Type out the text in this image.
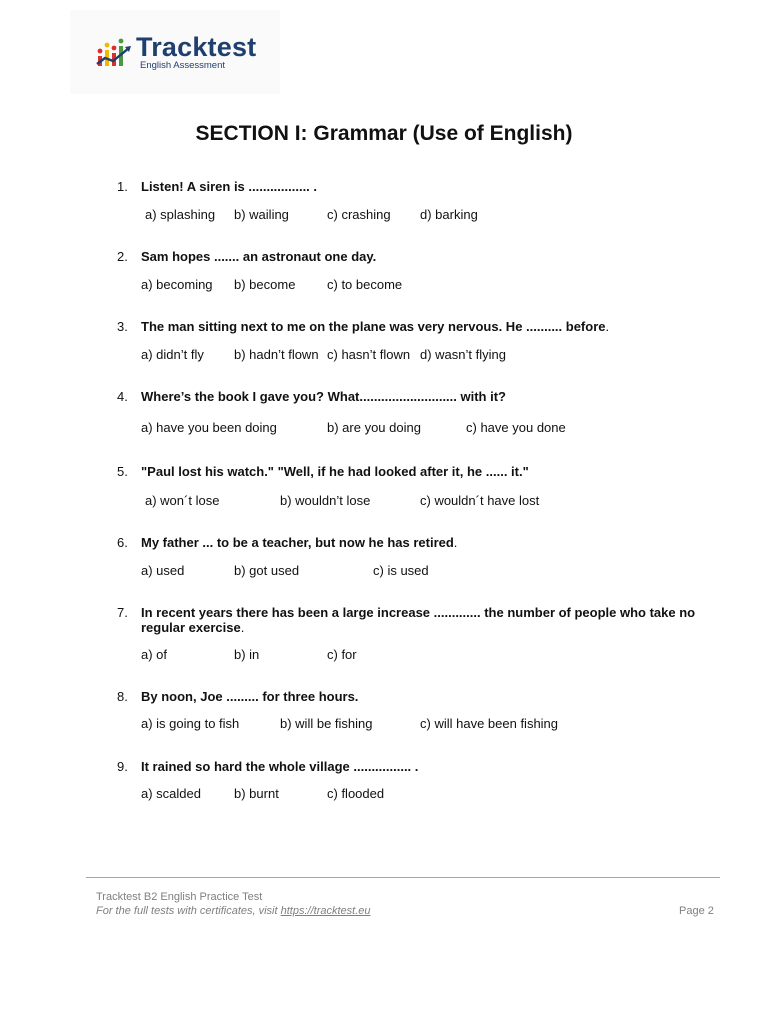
Tracktest
English Assessment
SECTION I: Grammar (Use of English)
1. Listen! A siren is ................. .
a) splashing b) wailing	c) crashing d) barking
2. Sam hopes ....... an astronaut one day.
a) becoming b) become c) to become
3. The man sitting next to me on the plane was very nervous. He .......... before.
a) didn’t fly b) hadn’t flown c) hasn’t flown d) wasn’t flying
4. Where’s the book I gave you? What........................... with it?
a) have you been doing	b) are you doing	c) have you done
5. "Paul lost his watch." "Well, if he had looked after it, he ...... it."
a) won´t lose	b) wouldn’t lose	c) wouldn´t have lost
6. My father ... to be a teacher, but now he has retired.
a) used	b) got used	c) is used
7. In recent years there has been a large increase ............. the number of people who take no regular exercise.
a) of	b) in	c) for
8. By noon, Joe ......... for three hours.
a) is going to fish	b) will be fishing	c) will have been fishing
9. It rained so hard the whole village ................ .
a) scalded	b) burnt	c) flooded
Tracktest B2 English Practice Test
For the full tests with certificates, visit https://tracktest.eu	Page 2
